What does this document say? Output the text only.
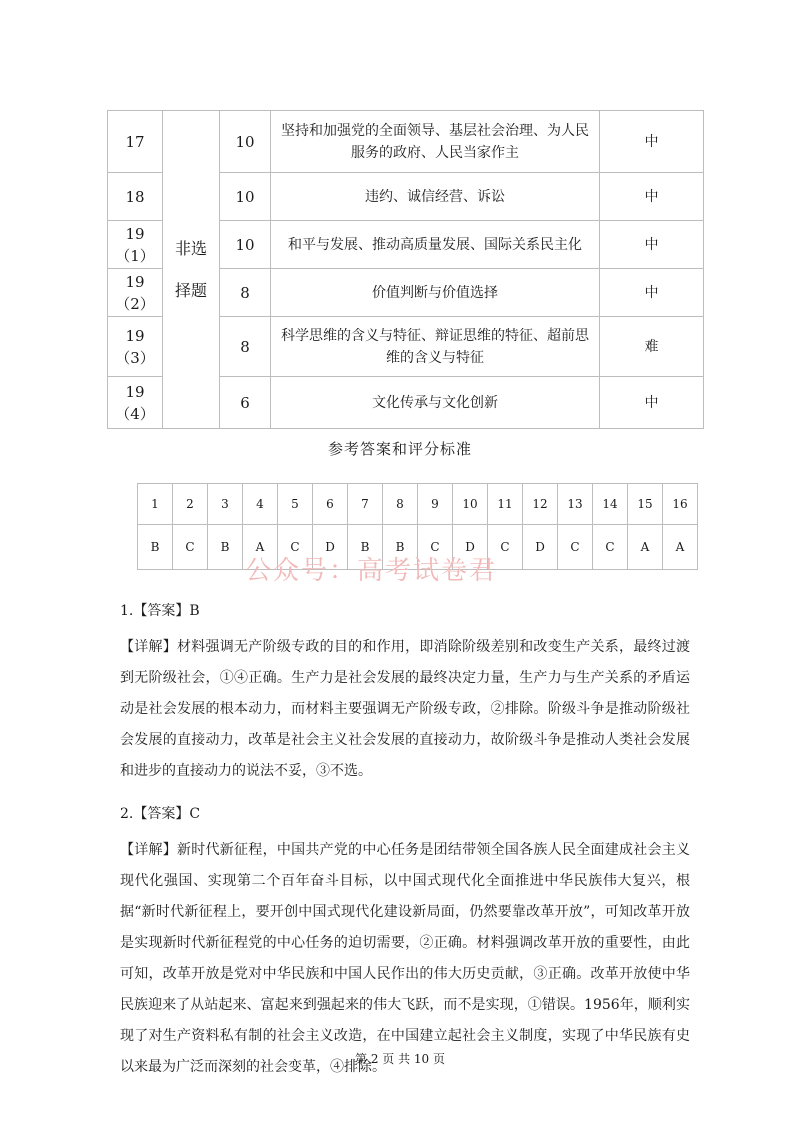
17	非选择题	10	坚持和加强党的全面领导、基层社会治理、为人民服务的政府、人民当家作主	中
18		10	违约、诚信经营、诉讼	中
19（1）		10	和平与发展、推动高质量发展、国际关系民主化	中
19（2）		8	价值判断与价值选择	中
19（3）		8	科学思维的含义与特征、辩证思维的特征、超前思维的含义与特征	难
19（4）		6	文化传承与文化创新	中
参考答案和评分标准
1	2	3	4	5	6	7	8	9	10	11	12	13	14	15	16
B	C	B	A	C	D	B	B	C	D	C	D	C	C	A	A
公众号：高考试卷君
1.【答案】B
【详解】材料强调无产阶级专政的目的和作用，即消除阶级差别和改变生产关系，最终过渡到无阶级社会，①④正确。生产力是社会发展的最终决定力量，生产力与生产关系的矛盾运动是社会发展的根本动力，而材料主要强调无产阶级专政，②排除。阶级斗争是推动阶级社会发展的直接动力，改革是社会主义社会发展的直接动力，故阶级斗争是推动人类社会发展和进步的直接动力的说法不妥，③不选。
2.【答案】C
【详解】新时代新征程，中国共产党的中心任务是团结带领全国各族人民全面建成社会主义现代化强国、实现第二个百年奋斗目标，以中国式现代化全面推进中华民族伟大复兴，根据“新时代新征程上，要开创中国式现代化建设新局面，仍然要靠改革开放”，可知改革开放是实现新时代新征程党的中心任务的迫切需要，②正确。材料强调改革开放的重要性，由此可知，改革开放是党对中华民族和中国人民作出的伟大历史贡献，③正确。改革开放使中华民族迎来了从站起来、富起来到强起来的伟大飞跃，而不是实现，①错误。1956年，顺利实现了对生产资料私有制的社会主义改造，在中国建立起社会主义制度，实现了中华民族有史以来最为广泛而深刻的社会变革，④排除。
第 2 页 共 10 页
